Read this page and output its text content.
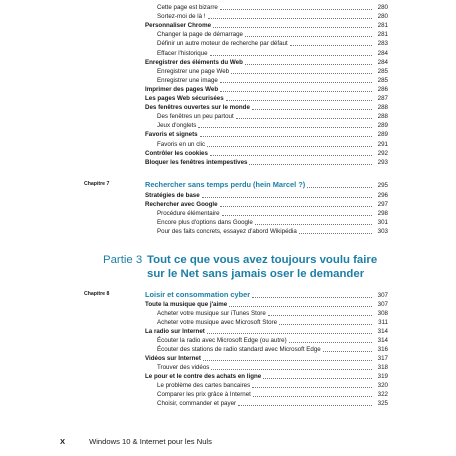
Cette page est bizarre	280
Sortez-moi de là !	280
Personnaliser Chrome	281
Changer la page de démarrage	281
Définir un autre moteur de recherche par défaut	283
Effacer l'historique	284
Enregistrer des éléments du Web	284
Enregistrer une page Web	285
Enregistrer une image	285
Imprimer des pages Web	286
Les pages Web sécurisées	287
Des fenêtres ouvertes sur le monde	288
Des fenêtres un peu partout	288
Jeux d'onglets	289
Favoris et signets	289
Favoris en un clic	291
Contrôler les cookies	292
Bloquer les fenêtres intempestives	293
Chapitre 7	Rechercher sans temps perdu (hein Marcel ?)	295
Stratégies de base	296
Rechercher avec Google	297
Procédure élémentaire	298
Encore plus d'options dans Google	301
Pour des faits concrets, essayez d'abord Wikipédia	303
Partie 3 Tout ce que vous avez toujours voulu faire
sur le Net sans jamais oser le demander
Chapitre 8	Loisir et consommation cyber	307
Toute la musique que j'aime	307
Acheter votre musique sur iTunes Store	308
Acheter votre musique avec Microsoft Store	311
La radio sur Internet	314
Écouter la radio avec Microsoft Edge (ou autre)	314
Écouter des stations de radio standard avec Microsoft Edge	316
Vidéos sur Internet	317
Trouver des vidéos	318
Le pour et le contre des achats en ligne	319
Le problème des cartes bancaires	320
Comparer les prix grâce à Internet	322
Choisir, commander et payer	325
X	Windows 10 & Internet pour les Nuls
